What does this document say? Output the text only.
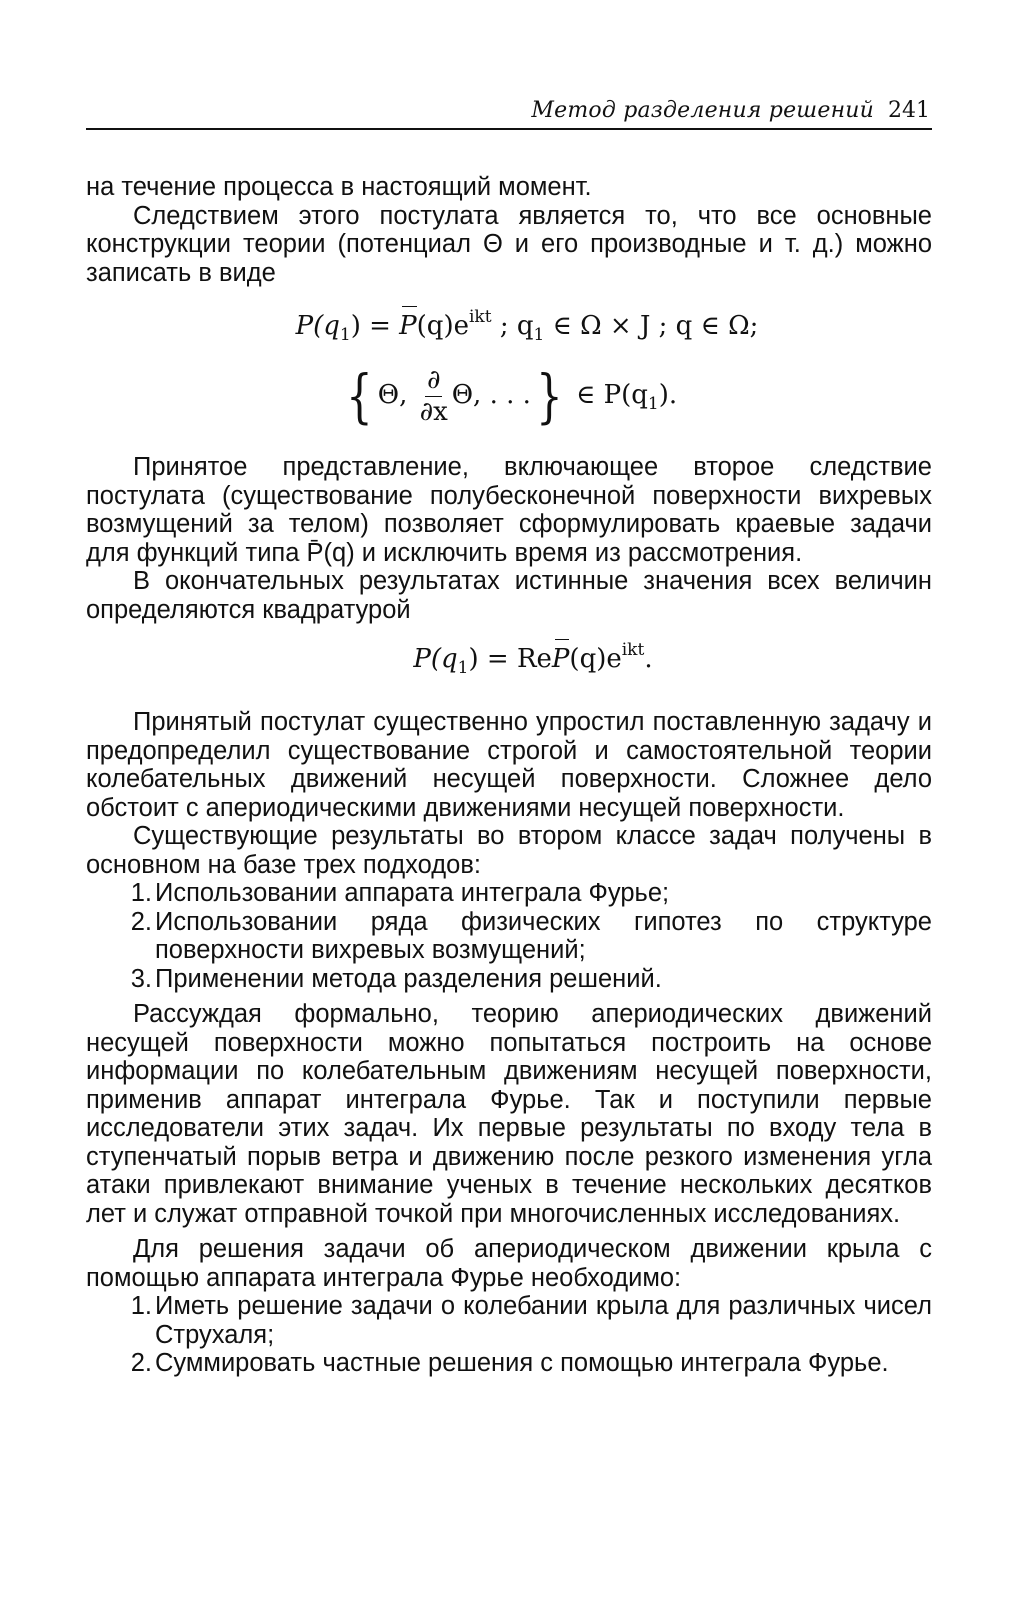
Метод разделения решений 241

на течение процесса в настоящий момент.

Следствием этого постулата является то, что все основные конструкции теории (потенциал Θ и его производные и т. д.) можно записать в виде

$P(q_1) = P(q)e^{ikt}$ ; $q_1$ ∈ Ω × J ; q ∈ Ω;
{ Θ, $\frac{\partial}{\partial x} \Theta$, . . .} ∈ $P(q_1)$.

Принятое представление, включающее второе следствие постулата (существование полубесконечной поверхности вихревых возмущений за телом) позволяет сформулировать краевые задачи для функций типа P̄(q) и исключить время из рассмотрения.

В окончательных результатах истинные значения всех величин определяются квадратурой

$P(q_1) = ReP(q)e^{ikt}$.

Принятый постулат существенно упростил поставленную задачу и предопределил существование строгой и самостоятельной теории колебательных движений несущей поверхности. Сложнее дело обстоит с апериодическими движениями несущей поверхности.

Существующие результаты во втором классе задач получены в основном на базе трех подходов:

1. Использовании аппарата интеграла Фурье;
2. Использовании ряда физических гипотез по структуре поверхности вихревых возмущений;
3. Применении метода разделения решений.

Рассуждая формально, теорию апериодических движений несущей поверхности можно попытаться построить на основе информации по колебательным движениям несущей поверхности, применив аппарат интеграла Фурье. Так и поступили первые исследователи этих задач. Их первые результаты по входу тела в ступенчатый порыв ветра и движению после резкого изменения угла атаки привлекают внимание ученых в течение нескольких десятков лет и служат отправной точкой при многочисленных исследованиях.

Для решения задачи об апериодическом движении крыла с помощью аппарата интеграла Фурье необходимо:

1. Иметь решение задачи о колебании крыла для различных чисел Струхаля;
2. Суммировать частные решения с помощью интеграла Фурье.
